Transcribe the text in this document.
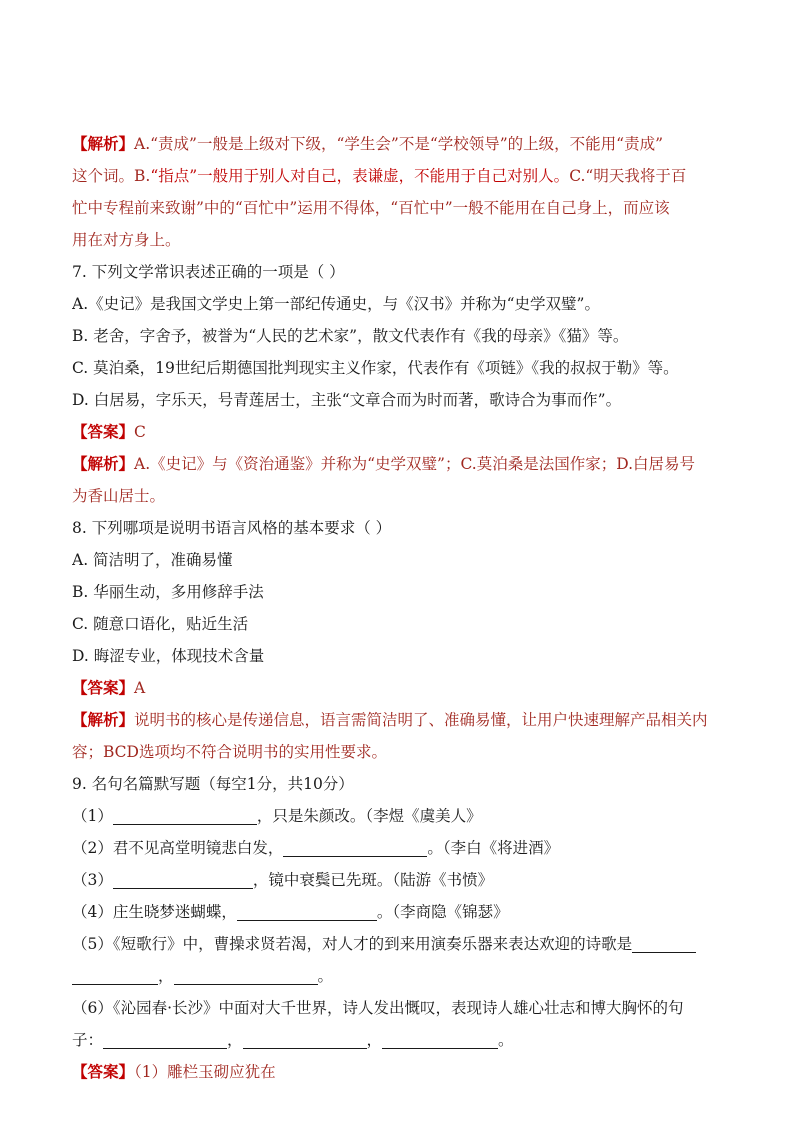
【解析】A.“责成”一般是上级对下级，“学生会”不是“学校领导”的上级，不能用“责成”
这个词。B.“指点”一般用于别人对自己，表谦虚，不能用于自己对别人。C.“明天我将于百
忙中专程前来致谢”中的“百忙中”运用不得体，“百忙中”一般不能用在自己身上，而应该
用在对方身上。
7. 下列文学常识表述正确的一项是（ ）
A.《史记》是我国文学史上第一部纪传通史，与《汉书》并称为“史学双璧”。
B. 老舍，字舍予，被誉为“人民的艺术家”，散文代表作有《我的母亲》《猫》等。
C. 莫泊桑，19世纪后期德国批判现实主义作家，代表作有《项链》《我的叔叔于勒》等。
D. 白居易，字乐天，号青莲居士，主张“文章合而为时而著，歌诗合为事而作”。
【答案】C
【解析】A.《史记》与《资治通鉴》并称为“史学双璧”；C.莫泊桑是法国作家；D.白居易号
为香山居士。
8. 下列哪项是说明书语言风格的基本要求（ ）
A. 简洁明了，准确易懂
B. 华丽生动，多用修辞手法
C. 随意口语化，贴近生活
D. 晦涩专业，体现技术含量
【答案】A
【解析】说明书的核心是传递信息，语言需简洁明了、准确易懂，让用户快速理解产品相关内
容；BCD选项均不符合说明书的实用性要求。
9. 名句名篇默写题（每空1分，共10分）
（1）	，只是朱颜改。（李煜《虞美人》
（2）君不见高堂明镜悲白发，	。（李白《将进酒》
（3）	，镜中衰鬓已先斑。（陆游《书愤》
（4）庄生晓梦迷蝴蝶，	。（李商隐《锦瑟》
（5）《短歌行》中，曹操求贤若渴，对人才的到来用演奏乐器来表达欢迎的诗歌是
，	。
（6）《沁园春·长沙》中面对大千世界，诗人发出慨叹，表现诗人雄心壮志和博大胸怀的句
子：	，	，	。
【答案】（1）雕栏玉砌应犹在
